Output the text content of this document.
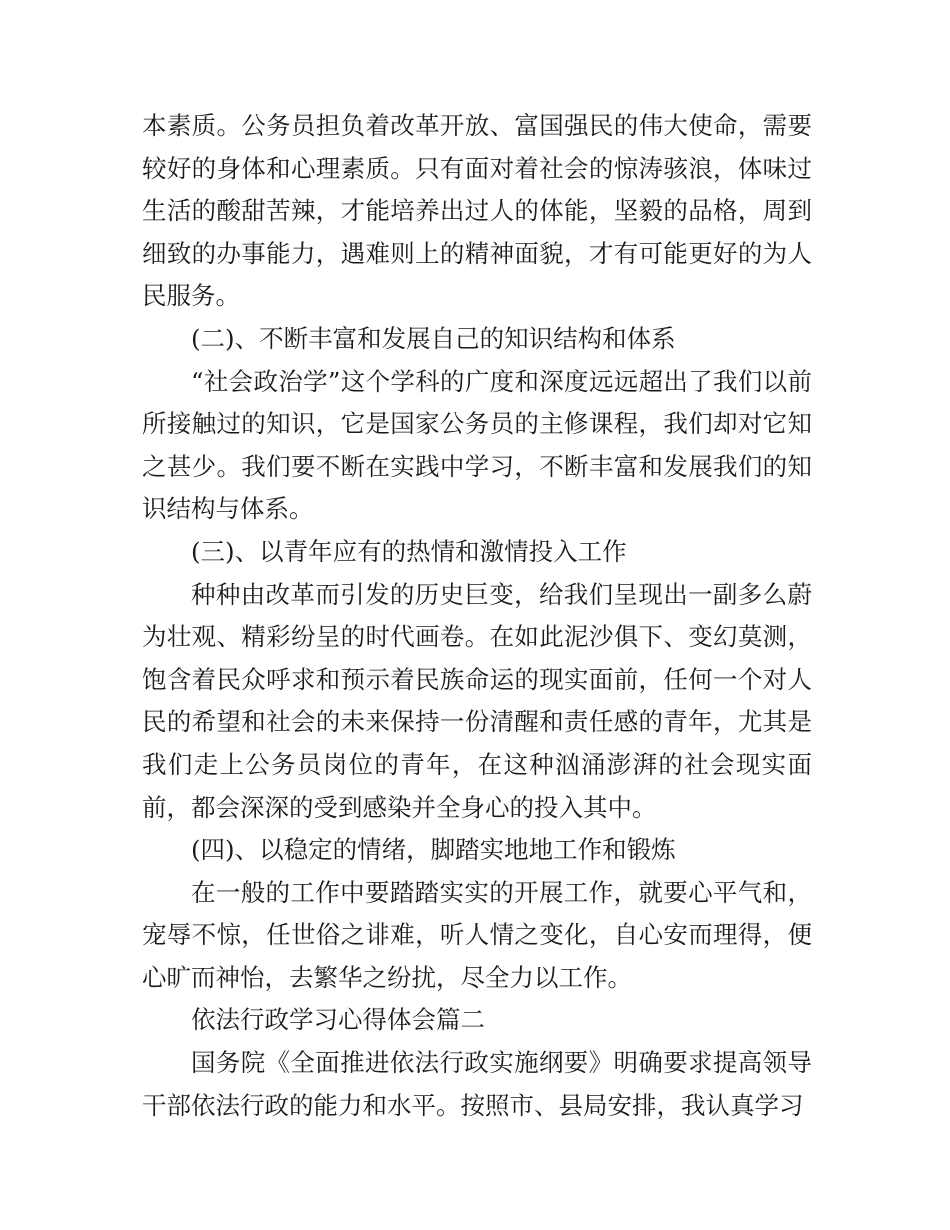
本素质。公务员担负着改革开放、富国强民的伟大使命，需要较好的身体和心理素质。只有面对着社会的惊涛骇浪，体味过生活的酸甜苦辣，才能培养出过人的体能，坚毅的品格，周到细致的办事能力，遇难则上的精神面貌，才有可能更好的为人民服务。

(二)、不断丰富和发展自己的知识结构和体系

“社会政治学”这个学科的广度和深度远远超出了我们以前所接触过的知识，它是国家公务员的主修课程，我们却对它知之甚少。我们要不断在实践中学习，不断丰富和发展我们的知识结构与体系。

(三)、以青年应有的热情和激情投入工作

种种由改革而引发的历史巨变，给我们呈现出一副多么蔚为壮观、精彩纷呈的时代画卷。在如此泥沙俱下、变幻莫测，饱含着民众呼求和预示着民族命运的现实面前，任何一个对人民的希望和社会的未来保持一份清醒和责任感的青年，尤其是我们走上公务员岗位的青年，在这种汹涌澎湃的社会现实面前，都会深深的受到感染并全身心的投入其中。

(四)、以稳定的情绪，脚踏实地地工作和锻炼

在一般的工作中要踏踏实实的开展工作，就要心平气和，宠辱不惊，任世俗之诽难，听人情之变化，自心安而理得，便心旷而神怡，去繁华之纷扰，尽全力以工作。

依法行政学习心得体会篇二

国务院《全面推进依法行政实施纲要》明确要求提高领导干部依法行政的能力和水平。按照市、县局安排，我认真学习
